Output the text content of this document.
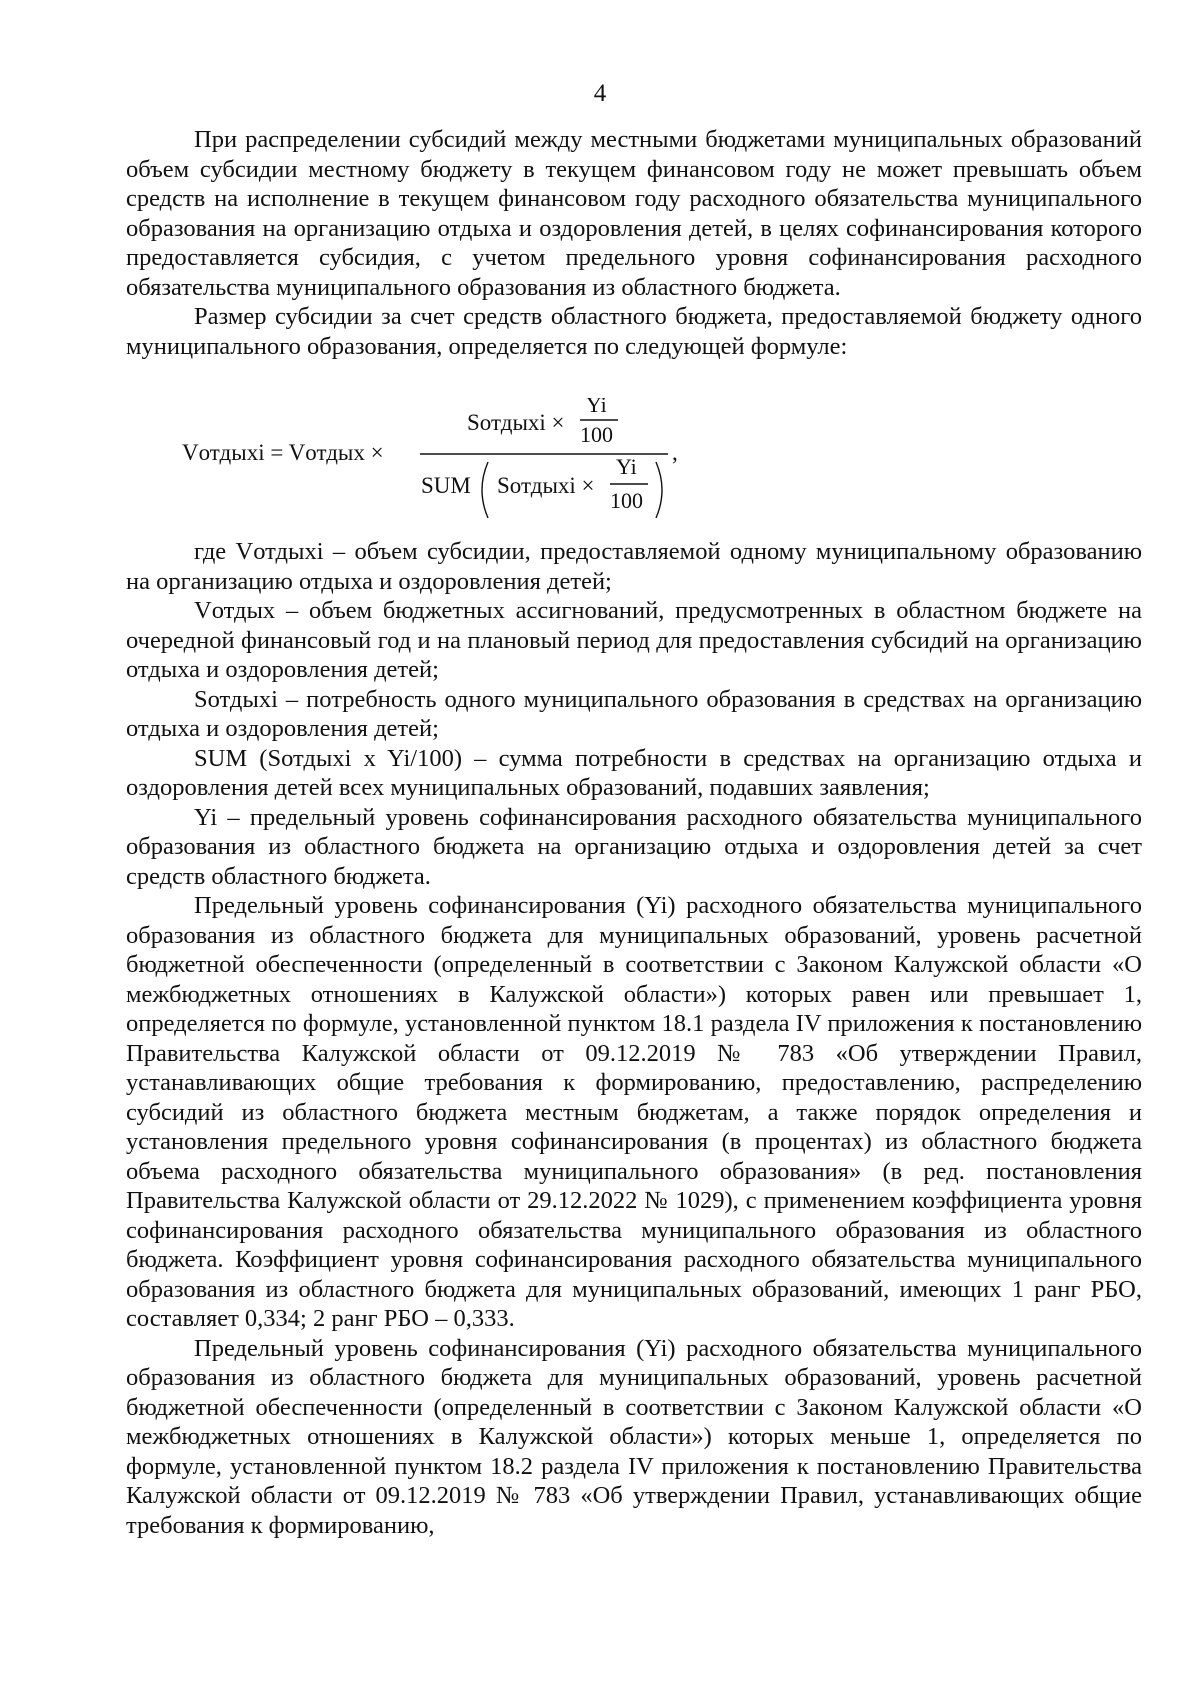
4

При распределении субсидий между местными бюджетами муниципальных образований объем субсидии местному бюджету в текущем финансовом году не может превышать объем средств на исполнение в текущем финансовом году расходного обязательства муниципального образования на организацию отдыха и оздоровления детей, в целях софинансирования которого предоставляется субсидия, с учетом предельного уровня софинансирования расходного обязательства муниципального образования из областного бюджета.

Размер субсидии за счет средств областного бюджета, предоставляемой бюджету одного муниципального образования, определяется по следующей формуле:

Vотдыхi = Vотдых ×
Sотдыхi ×
Yi
100
SUM Sотдыхi ×
Yi
100
,

где Vотдыхi – объем субсидии, предоставляемой одному муниципальному образованию на организацию отдыха и оздоровления детей;

Vотдых – объем бюджетных ассигнований, предусмотренных в областном бюджете на очередной финансовый год и на плановый период для предоставления субсидий на организацию отдыха и оздоровления детей;

Sотдыхi – потребность одного муниципального образования в средствах на организацию отдыха и оздоровления детей;

SUM (Sотдыхi x Yi/100) – сумма потребности в средствах на организацию отдыха и оздоровления детей всех муниципальных образований, подавших заявления;

Yi – предельный уровень софинансирования расходного обязательства муниципального образования из областного бюджета на организацию отдыха и оздоровления детей за счет средств областного бюджета.

Предельный уровень софинансирования (Yi) расходного обязательства муниципального образования из областного бюджета для муниципальных образований, уровень расчетной бюджетной обеспеченности (определенный в соответствии с Законом Калужской области «О межбюджетных отношениях в Калужской области») которых равен или превышает 1, определяется по формуле, установленной пунктом 18.1 раздела IV приложения к постановлению Правительства Калужской области от 09.12.2019 № 783 «Об утверждении Правил, устанавливающих общие требования к формированию, предоставлению, распределению субсидий из областного бюджета местным бюджетам, а также порядок определения и установления предельного уровня софинансирования (в процентах) из областного бюджета объема расходного обязательства муниципального образования» (в ред. постановления Правительства Калужской области от 29.12.2022 № 1029), с применением коэффициента уровня софинансирования расходного обязательства муниципального образования из областного бюджета. Коэффициент уровня софинансирования расходного обязательства муниципального образования из областного бюджета для муниципальных образований, имеющих 1 ранг РБО, составляет 0,334; 2 ранг РБО – 0,333.

Предельный уровень софинансирования (Yi) расходного обязательства муниципального образования из областного бюджета для муниципальных образований, уровень расчетной бюджетной обеспеченности (определенный в соответствии с Законом Калужской области «О межбюджетных отношениях в Калужской области») которых меньше 1, определяется по формуле, установленной пунктом 18.2 раздела IV приложения к постановлению Правительства Калужской области от 09.12.2019 № 783 «Об утверждении Правил, устанавливающих общие требования к формированию,
